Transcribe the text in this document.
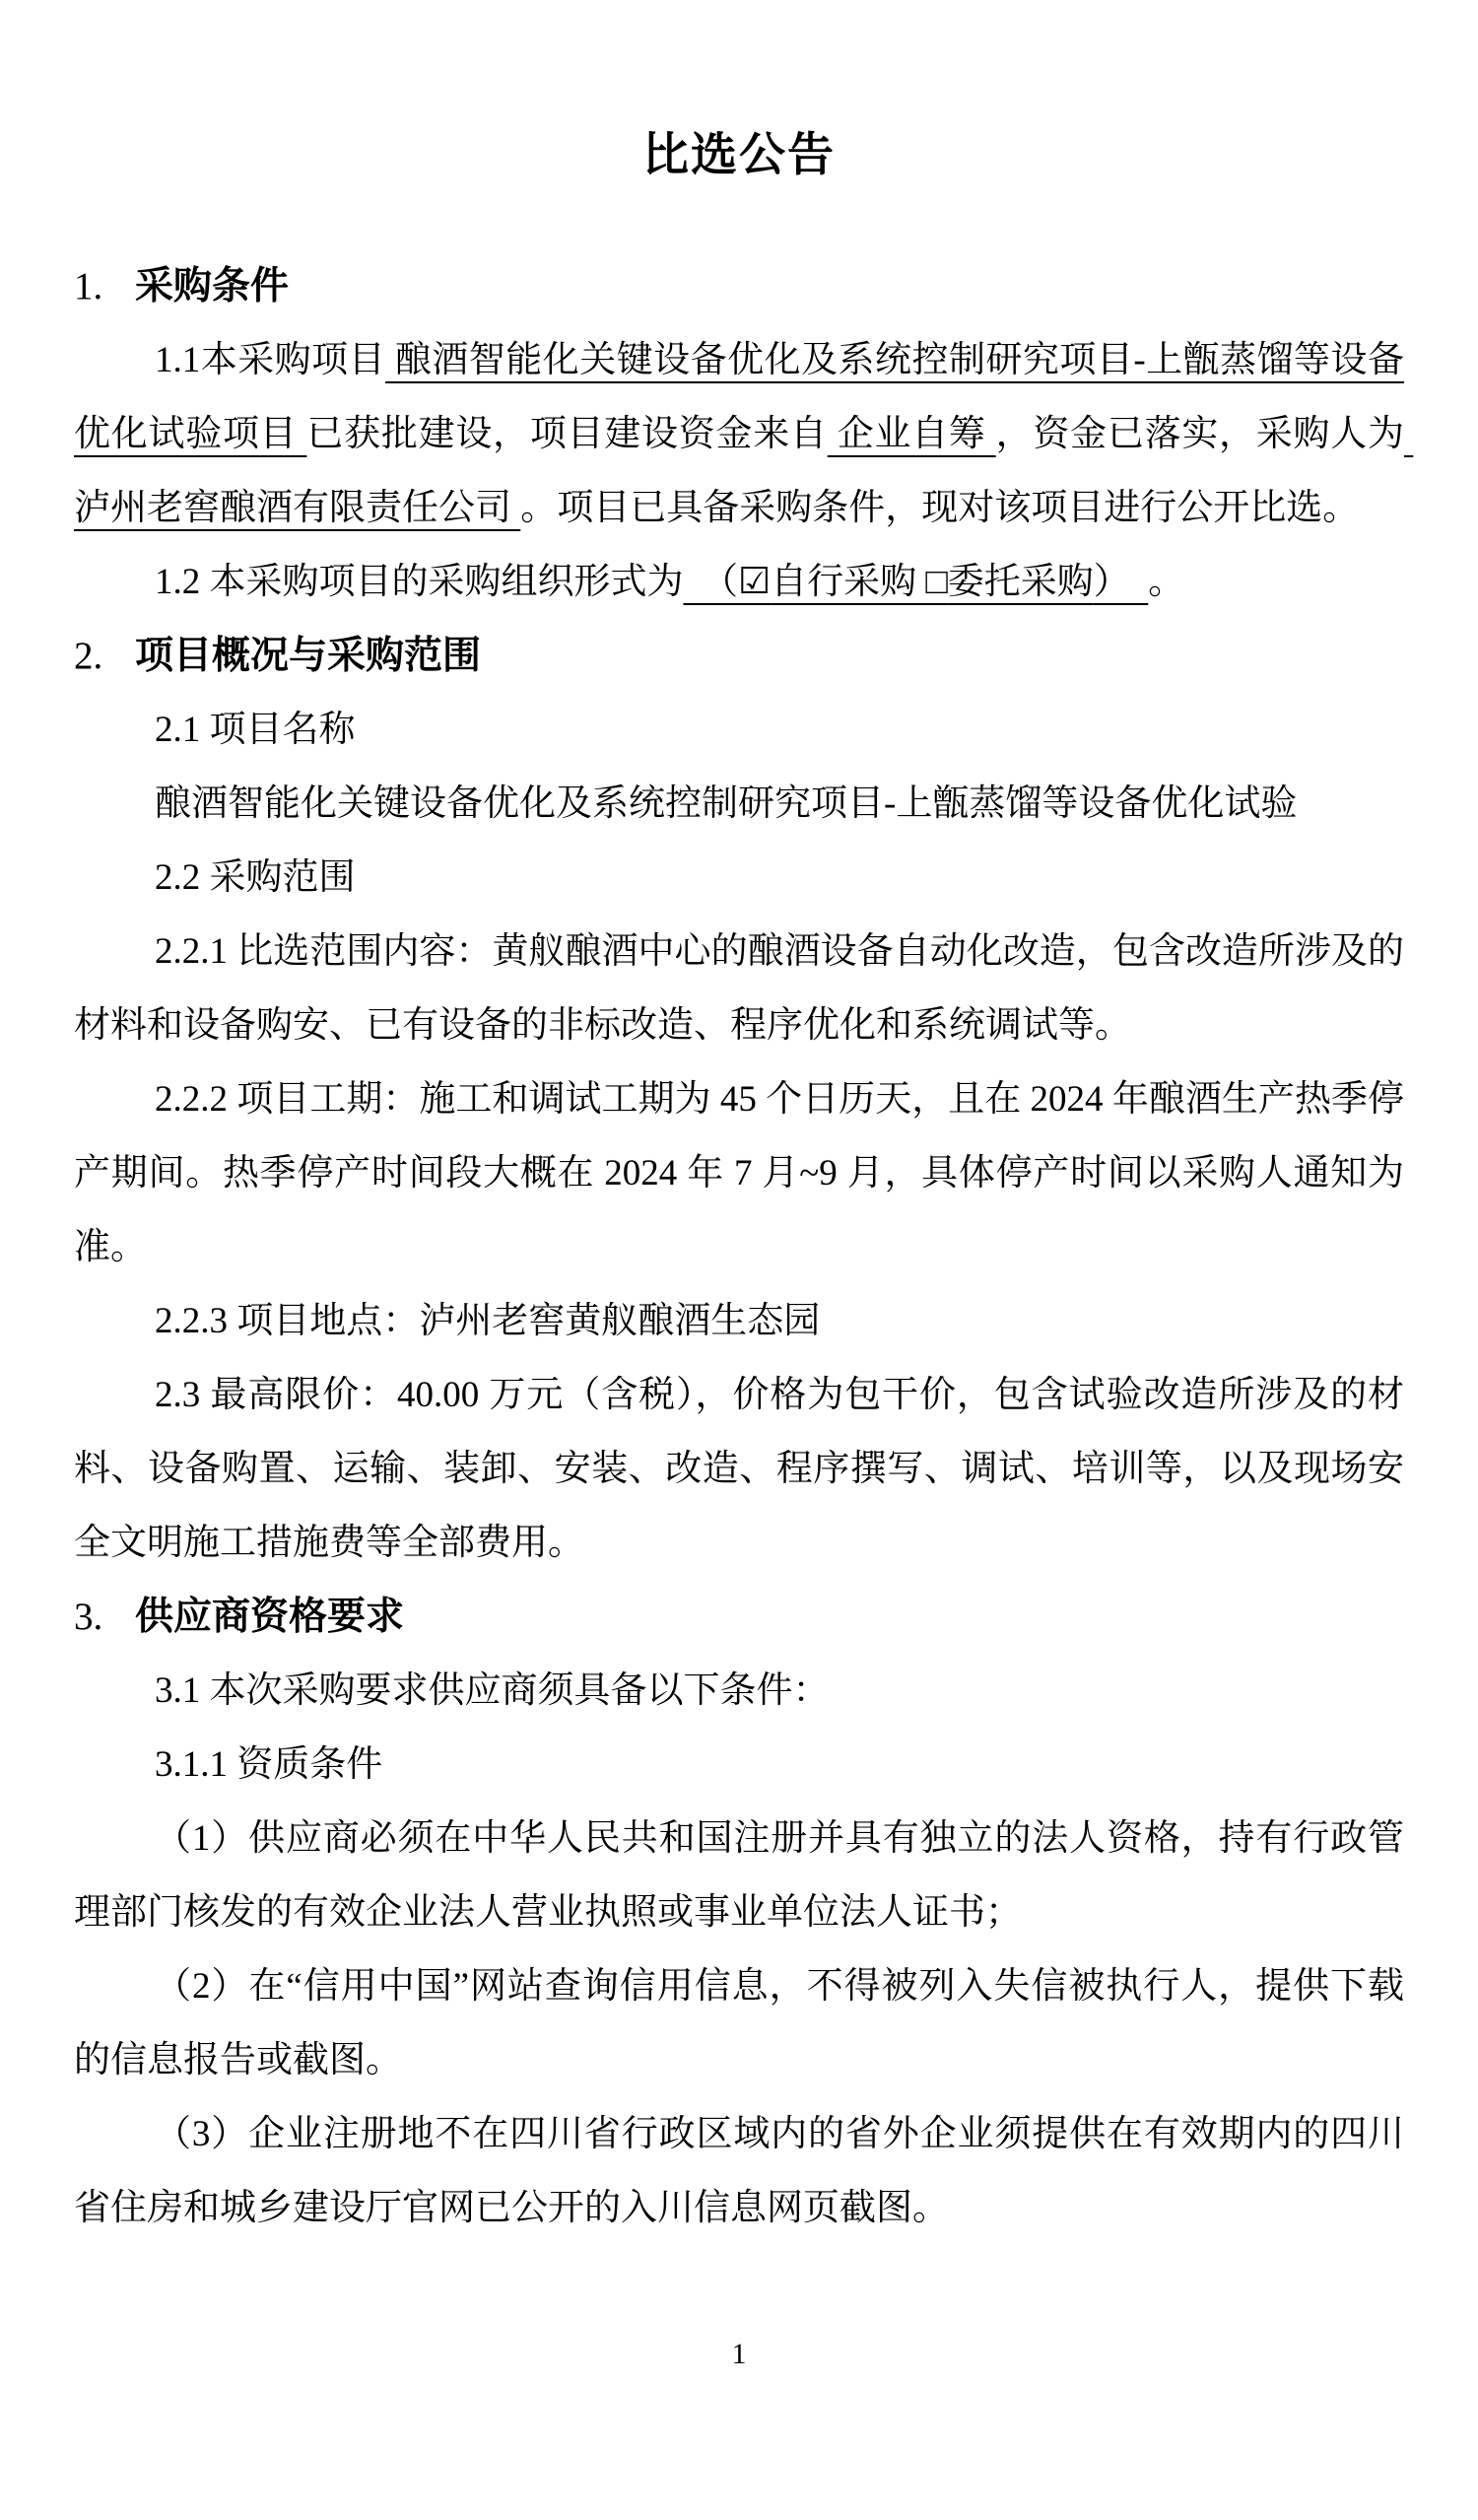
比选公告

1. 采购条件

1.1本采购项目 酿酒智能化关键设备优化及系统控制研究项目-上甑蒸馏等设备优化试验项目 已获批建设，项目建设资金来自 企业自筹 ，资金已落实，采购人为 泸州老窖酿酒有限责任公司 。项目已具备采购条件，现对该项目进行公开比选。

1.2 本采购项目的采购组织形式为  （☑自行采购 □委托采购）  。

2. 项目概况与采购范围

2.1 项目名称

酿酒智能化关键设备优化及系统控制研究项目-上甑蒸馏等设备优化试验

2.2 采购范围

2.2.1 比选范围内容：黄舣酿酒中心的酿酒设备自动化改造，包含改造所涉及的材料和设备购安、已有设备的非标改造、程序优化和系统调试等。

2.2.2 项目工期：施工和调试工期为 45 个日历天，且在 2024 年酿酒生产热季停产期间。热季停产时间段大概在 2024 年 7 月~9 月，具体停产时间以采购人通知为准。

2.2.3 项目地点：泸州老窖黄舣酿酒生态园

2.3 最高限价：40.00 万元（含税），价格为包干价，包含试验改造所涉及的材料、设备购置、运输、装卸、安装、改造、程序撰写、调试、培训等，以及现场安全文明施工措施费等全部费用。

3. 供应商资格要求

3.1 本次采购要求供应商须具备以下条件：

3.1.1 资质条件

（1）供应商必须在中华人民共和国注册并具有独立的法人资格，持有行政管理部门核发的有效企业法人营业执照或事业单位法人证书；

（2）在“信用中国”网站查询信用信息，不得被列入失信被执行人，提供下载的信息报告或截图。

（3）企业注册地不在四川省行政区域内的省外企业须提供在有效期内的四川省住房和城乡建设厅官网已公开的入川信息网页截图。

1
